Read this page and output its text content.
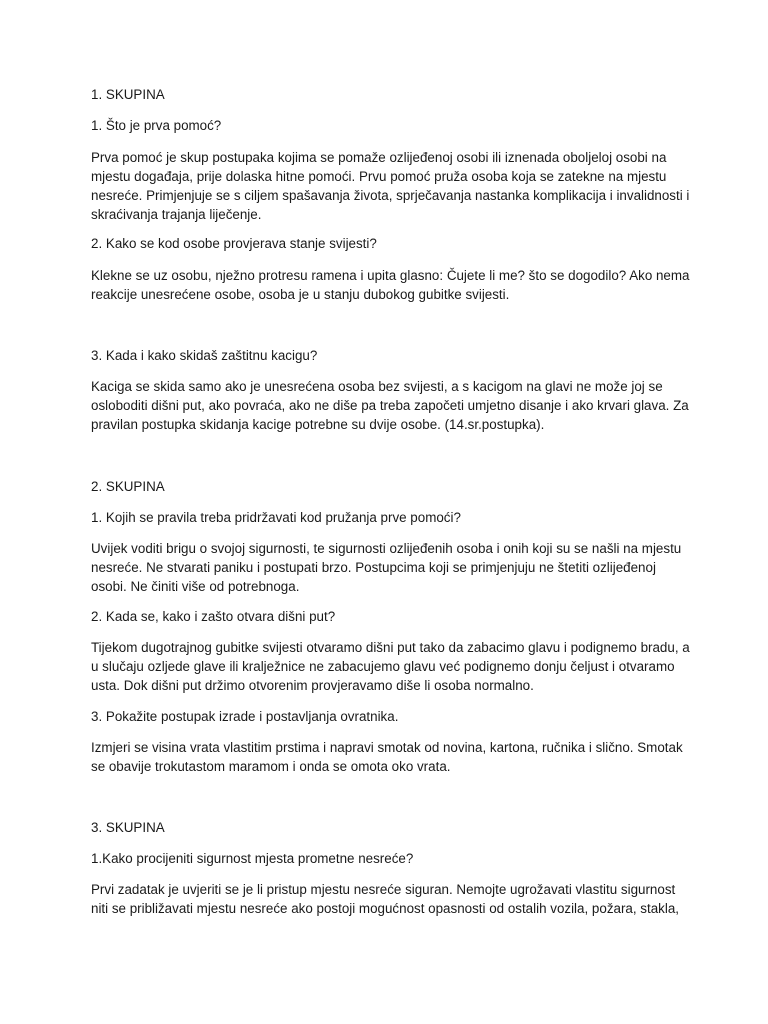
1. SKUPINA

1. Što je prva pomoć?

Prva pomoć je skup postupaka kojima se pomaže ozlijeđenoj osobi ili iznenada oboljeloj osobi na

mjestu događaja, prije dolaska hitne pomoći. Prvu pomoć pruža osoba koja se zatekne na mjestu

nesreće. Primjenjuje se s ciljem spašavanja života, sprječavanja nastanka komplikacija i invalidnosti i

skraćivanja trajanja liječenje.

2. Kako se kod osobe provjerava stanje svijesti?

Klekne se uz osobu, nježno protresu ramena i upita glasno: Čujete li me? što se dogodilo? Ako nema

reakcije unesrećene osobe, osoba je u stanju dubokog gubitke svijesti.

3. Kada i kako skidaš zaštitnu kacigu?

Kaciga se skida samo ako je unesrećena osoba bez svijesti, a s kacigom na glavi ne može joj se

osloboditi dišni put, ako povraća, ako ne diše pa treba započeti umjetno disanje i ako krvari glava. Za

pravilan postupka skidanja kacige potrebne su dvije osobe. (14.sr.postupka).

2. SKUPINA

1. Kojih se pravila treba pridržavati kod pružanja prve pomoći?

Uvijek voditi brigu o svojoj sigurnosti, te sigurnosti ozlijeđenih osoba i onih koji su se našli na mjestu

nesreće. Ne stvarati paniku i postupati brzo. Postupcima koji se primjenjuju ne štetiti ozlijeđenoj

osobi. Ne činiti više od potrebnoga.

2. Kada se, kako i zašto otvara dišni put?

Tijekom dugotrajnog gubitke svijesti otvaramo dišni put tako da zabacimo glavu i podignemo bradu, a

u slučaju ozljede glave ili kralježnice ne zabacujemo glavu već podignemo donju čeljust i otvaramo

usta. Dok dišni put držimo otvorenim provjeravamo diše li osoba normalno.

3. Pokažite postupak izrade i postavljanja ovratnika.

Izmjeri se visina vrata vlastitim prstima i napravi smotak od novina, kartona, ručnika i slično. Smotak

se obavije trokutastom maramom i onda se omota oko vrata.

3. SKUPINA

1.Kako procijeniti sigurnost mjesta prometne nesreće?

Prvi zadatak je uvjeriti se je li pristup mjestu nesreće siguran. Nemojte ugrožavati vlastitu sigurnost

niti se približavati mjestu nesreće ako postoji mogućnost opasnosti od ostalih vozila, požara, stakla,
